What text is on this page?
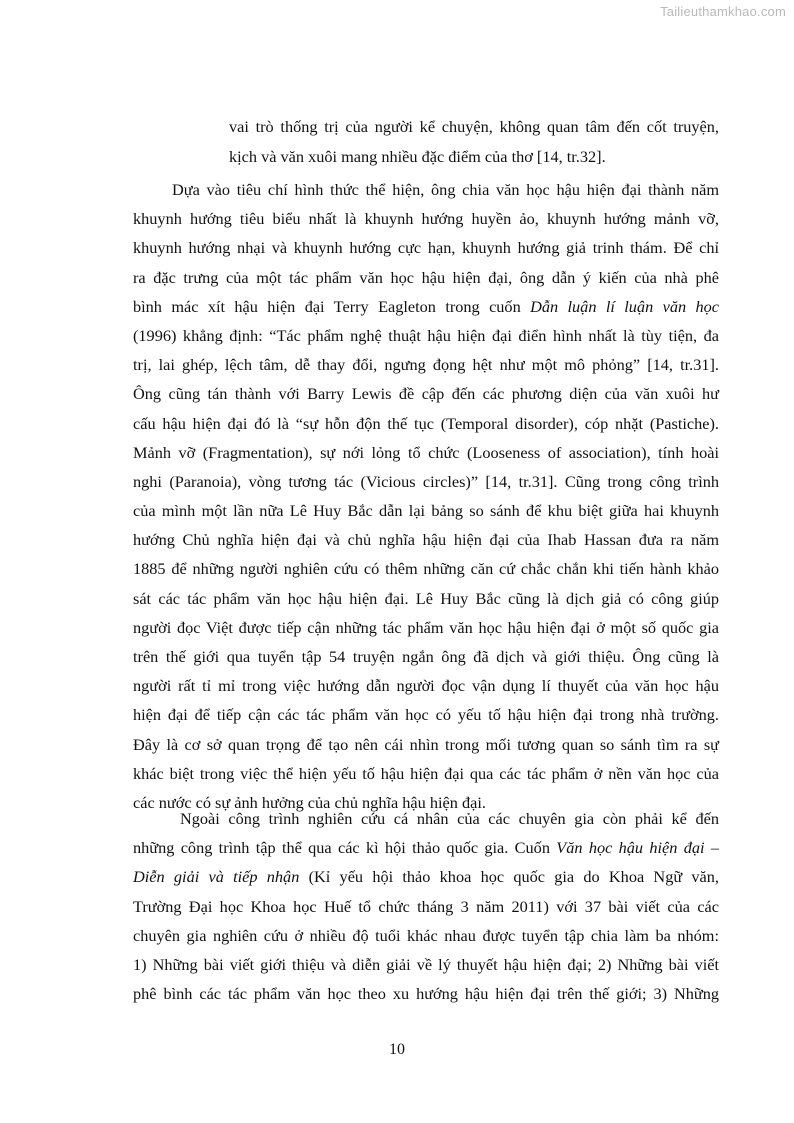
Tailieuthamkhao.com
vai trò thống trị của người kể chuyện, không quan tâm đến cốt truyện,
kịch và văn xuôi mang nhiều đặc điểm của thơ [14, tr.32].
Dựa vào tiêu chí hình thức thể hiện, ông chia văn học hậu hiện đại thành năm
khuynh hướng tiêu biểu nhất là khuynh hướng huyền ảo, khuynh hướng mảnh vỡ,
khuynh hướng nhại và khuynh hướng cực hạn, khuynh hướng giả trinh thám. Để chỉ
ra đặc trưng của một tác phẩm văn học hậu hiện đại, ông dẫn ý kiến của nhà phê
bình mác xít hậu hiện đại Terry Eagleton trong cuốn Dẫn luận lí luận văn học
(1996) khẳng định: “Tác phẩm nghệ thuật hậu hiện đại điển hình nhất là tùy tiện, đa
trị, lai ghép, lệch tâm, dễ thay đổi, ngưng đọng hệt như một mô phỏng” [14, tr.31].
Ông cũng tán thành với Barry Lewis đề cập đến các phương diện của văn xuôi hư
cấu hậu hiện đại đó là “sự hỗn độn thế tục (Temporal disorder), cóp nhặt (Pastiche).
Mảnh vỡ (Fragmentation), sự nới lỏng tổ chức (Looseness of association), tính hoài
nghi (Paranoia), vòng tương tác (Vicious circles)” [14, tr.31]. Cũng trong công trình
của mình một lần nữa Lê Huy Bắc dẫn lại bảng so sánh để khu biệt giữa hai khuynh
hướng Chủ nghĩa hiện đại và chủ nghĩa hậu hiện đại của Ihab Hassan đưa ra năm
1885 để những người nghiên cứu có thêm những căn cứ chắc chắn khi tiến hành khảo
sát các tác phẩm văn học hậu hiện đại. Lê Huy Bắc cũng là dịch giả có công giúp
người đọc Việt được tiếp cận những tác phẩm văn học hậu hiện đại ở một số quốc gia
trên thế giới qua tuyển tập 54 truyện ngắn ông đã dịch và giới thiệu. Ông cũng là
người rất tỉ mỉ trong việc hướng dẫn người đọc vận dụng lí thuyết của văn học hậu
hiện đại để tiếp cận các tác phẩm văn học có yếu tố hậu hiện đại trong nhà trường.
Đây là cơ sở quan trọng để tạo nên cái nhìn trong mối tương quan so sánh tìm ra sự
khác biệt trong việc thể hiện yếu tố hậu hiện đại qua các tác phẩm ở nền văn học của
các nước có sự ảnh hưởng của chủ nghĩa hậu hiện đại.
Ngoài công trình nghiên cứu cá nhân của các chuyên gia còn phải kể đến
những công trình tập thể qua các kì hội thảo quốc gia. Cuốn Văn học hậu hiện đại –
Diễn giải và tiếp nhận (Kỉ yếu hội thảo khoa học quốc gia do Khoa Ngữ văn,
Trường Đại học Khoa học Huế tổ chức tháng 3 năm 2011) với 37 bài viết của các
chuyên gia nghiên cứu ở nhiều độ tuổi khác nhau được tuyển tập chia làm ba nhóm:
1) Những bài viết giới thiệu và diễn giải về lý thuyết hậu hiện đại; 2) Những bài viết
phê bình các tác phẩm văn học theo xu hướng hậu hiện đại trên thế giới; 3) Những
10
